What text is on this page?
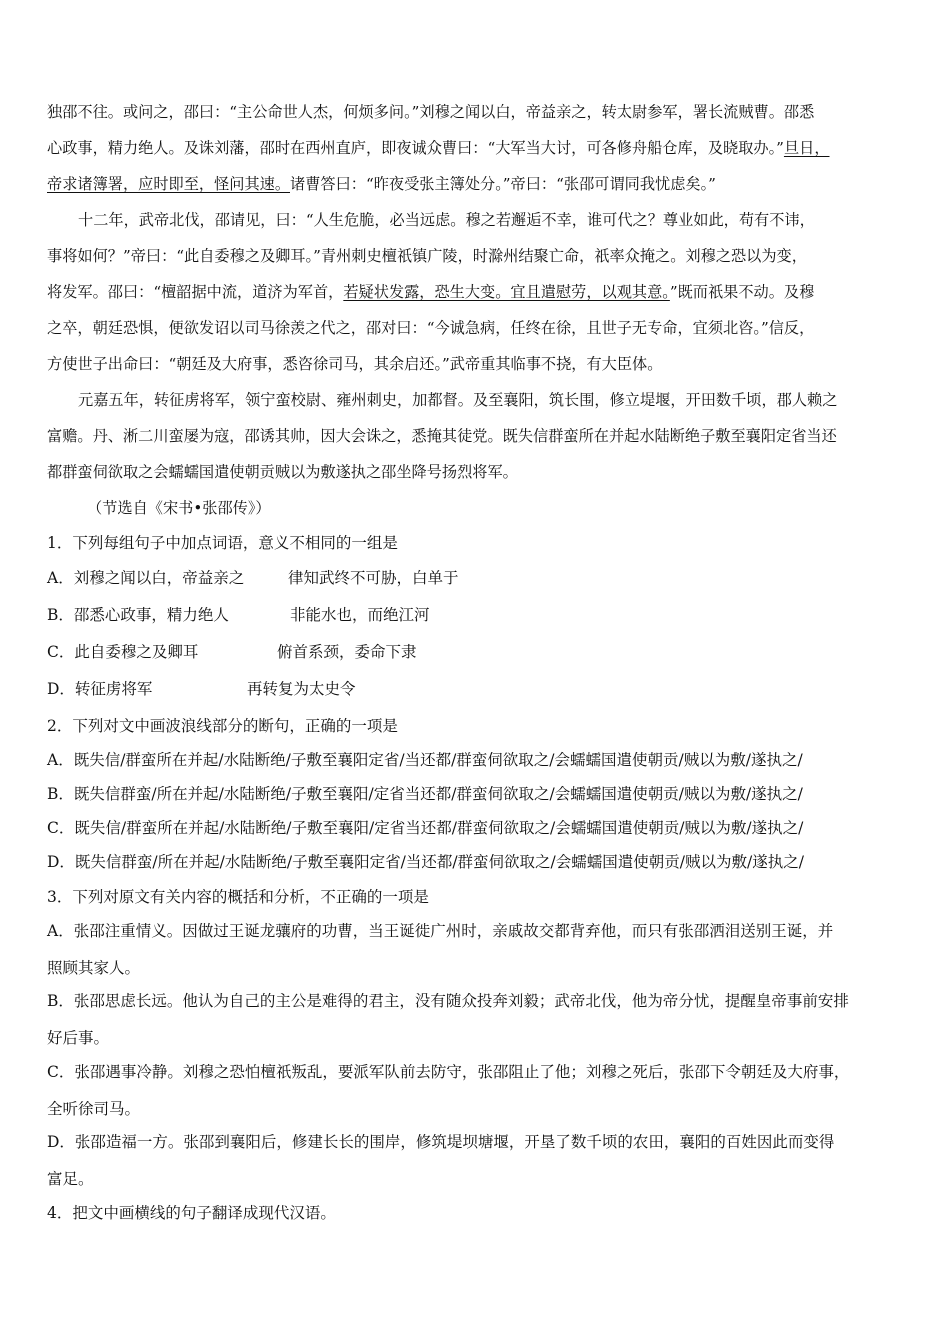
独邵不往。或问之，邵曰：“主公命世人杰，何烦多问。”刘穆之闻以白，帝益亲之，转太尉参军，署长流贼曹。邵悉
心政事，精力绝人。及诛刘藩，邵时在西州直庐，即夜诚众曹曰：“大军当大讨，可各修舟船仓库，及晓取办。”旦日，
帝求诸簿署，应时即至，怪问其速。诸曹答曰：“昨夜受张主簿处分。”帝曰：“张邵可谓同我忧虑矣。”
十二年，武帝北伐，邵请见，曰：“人生危脆，必当远虑。穆之若邂逅不幸，谁可代之？尊业如此，苟有不讳，
事将如何？”帝曰：“此自委穆之及卿耳。”青州刺史檀祇镇广陵，时滁州结聚亡命，祇率众掩之。刘穆之恐以为变，
将发军。邵曰：“檀韶据中流，道济为军首，若疑状发露，恐生大变。宜且遣慰劳，以观其意。”既而祇果不动。及穆
之卒，朝廷恐惧，便欲发诏以司马徐羡之代之，邵对曰：“今诚急病，任终在徐，且世子无专命，宜须北咨。”信反，
方使世子出命曰：“朝廷及大府事，悉咨徐司马，其余启还。”武帝重其临事不挠，有大臣体。
元嘉五年，转征虏将军，领宁蛮校尉、雍州刺史，加都督。及至襄阳，筑长围，修立堤堰，开田数千顷，郡人赖之
富赡。丹、淅二川蛮屡为寇，邵诱其帅，因大会诛之，悉掩其徒党。既失信群蛮所在并起水陆断绝子敷至襄阳定省当还
都群蛮伺欲取之会蠕蠕国遣使朝贡贼以为敷遂执之邵坐降号扬烈将军。
（节选自《宋书•张邵传》）
1．下列每组句子中加点词语，意义不相同的一组是
A．刘穆之闻以白，帝益亲之	律知武终不可胁，白单于
B．邵悉心政事，精力绝人	非能水也，而绝江河
C．此自委穆之及卿耳	俯首系颈，委命下隶
D．转征虏将军	再转复为太史令
2．下列对文中画波浪线部分的断句，正确的一项是
A．既失信/群蛮所在并起/水陆断绝/子敷至襄阳定省/当还都/群蛮伺欲取之/会蠕蠕国遣使朝贡/贼以为敷/遂执之/
B．既失信群蛮/所在并起/水陆断绝/子敷至襄阳/定省当还都/群蛮伺欲取之/会蠕蠕国遣使朝贡/贼以为敷/遂执之/
C．既失信/群蛮所在并起/水陆断绝/子敷至襄阳/定省当还都/群蛮伺欲取之/会蠕蠕国遣使朝贡/贼以为敷/遂执之/
D．既失信群蛮/所在并起/水陆断绝/子敷至襄阳定省/当还都/群蛮伺欲取之/会蠕蠕国遣使朝贡/贼以为敷/遂执之/
3．下列对原文有关内容的概括和分析，不正确的一项是
A．张邵注重情义。因做过王诞龙骧府的功曹，当王诞徙广州时，亲戚故交都背弃他，而只有张邵洒泪送别王诞，并
照顾其家人。
B．张邵思虑长远。他认为自己的主公是难得的君主，没有随众投奔刘毅；武帝北伐，他为帝分忧，提醒皇帝事前安排
好后事。
C．张邵遇事冷静。刘穆之恐怕檀祇叛乱，要派军队前去防守，张邵阻止了他；刘穆之死后，张邵下令朝廷及大府事，
全听徐司马。
D．张邵造福一方。张邵到襄阳后，修建长长的围岸，修筑堤坝塘堰，开垦了数千顷的农田，襄阳的百姓因此而变得
富足。
4．把文中画横线的句子翻译成现代汉语。
